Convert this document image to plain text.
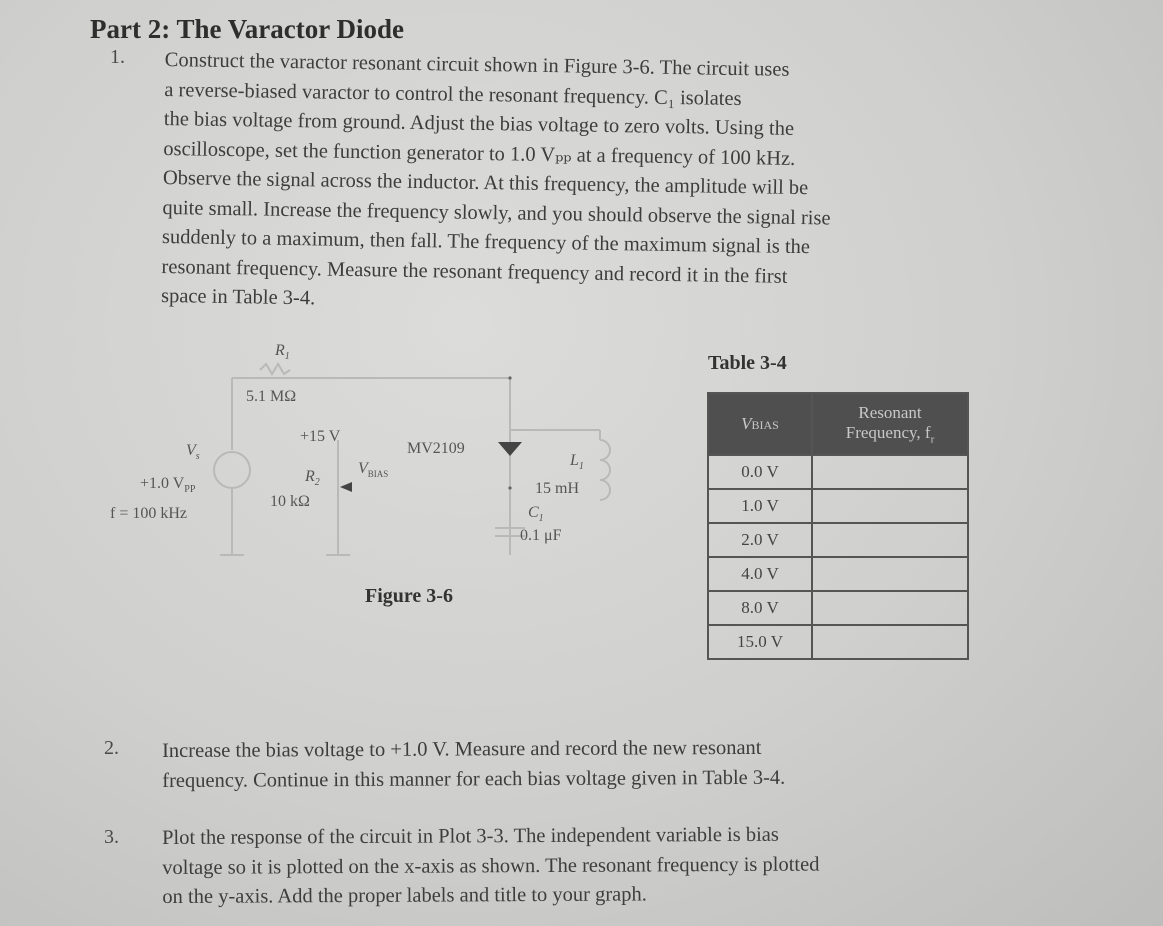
Part 2: The Varactor Diode
1. Construct the varactor resonant circuit shown in Figure 3-6. The circuit uses
a reverse-biased varactor to control the resonant frequency. C₁ isolates
the bias voltage from ground. Adjust the bias voltage to zero volts. Using the
oscilloscope, set the function generator to 1.0 Vₚₚ at a frequency of 100 kHz.
Observe the signal across the inductor. At this frequency, the amplitude will be
quite small. Increase the frequency slowly, and you should observe the signal rise
suddenly to a maximum, then fall. The frequency of the maximum signal is the
resonant frequency. Measure the resonant frequency and record it in the first
space in Table 3-4.
$R_1$
5.1 MΩ
+15 V
$V_s$
+1.0 $V_{PP}$
f = 100 kHz
$R_2$
10 kΩ
$V_{BIAS}$
MV2109
$L_1$
15 mH
$C_1$
0.1 μF
Figure 3-6
Table 3-4
VBIAS	Resonant
Frequency, $f_r$
0.0 V	
1.0 V	
2.0 V	
4.0 V	
8.0 V	
15.0 V	
2. Increase the bias voltage to +1.0 V. Measure and record the new resonant
frequency. Continue in this manner for each bias voltage given in Table 3-4.
3. Plot the response of the circuit in Plot 3-3. The independent variable is bias
voltage so it is plotted on the x-axis as shown. The resonant frequency is plotted
on the y-axis. Add the proper labels and title to your graph.
